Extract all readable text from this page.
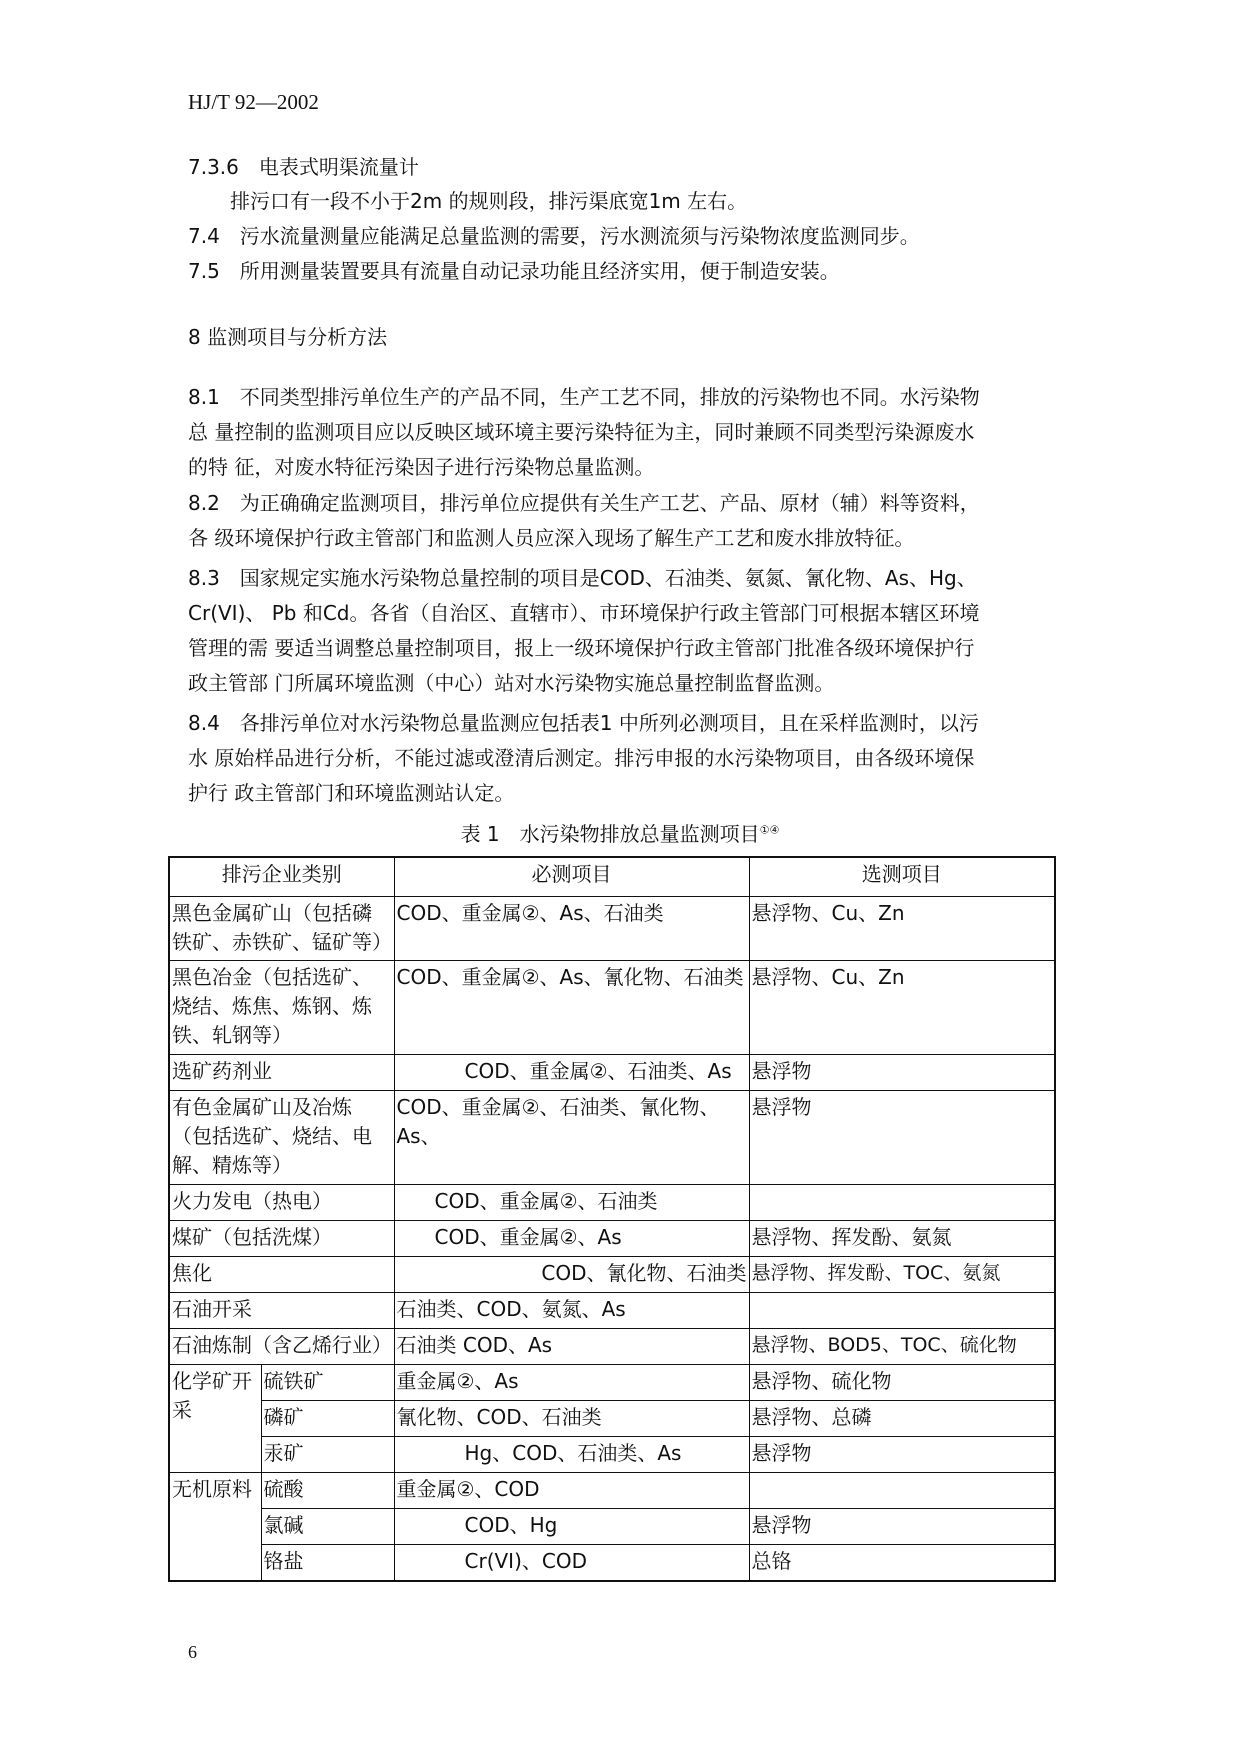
HJ/T 92—2002
7.3.6　电表式明渠流量计
排污口有一段不小于2m 的规则段，排污渠底宽1m 左右。
7.4　污水流量测量应能满足总量监测的需要，污水测流须与污染物浓度监测同步。
7.5　所用测量装置要具有流量自动记录功能且经济实用，便于制造安装。
8 监测项目与分析方法
8.1　不同类型排污单位生产的产品不同，生产工艺不同，排放的污染物也不同。水污染物
总 量控制的监测项目应以反映区域环境主要污染特征为主，同时兼顾不同类型污染源废水
的特 征，对废水特征污染因子进行污染物总量监测。
8.2　为正确确定监测项目，排污单位应提供有关生产工艺、产品、原材（辅）料等资料，
各 级环境保护行政主管部门和监测人员应深入现场了解生产工艺和废水排放特征。
8.3　国家规定实施水污染物总量控制的项目是COD、石油类、氨氮、氰化物、As、Hg、
Cr(VI)、 Pb 和Cd。各省（自治区、直辖市）、市环境保护行政主管部门可根据本辖区环境
管理的需 要适当调整总量控制项目，报上一级环境保护行政主管部门批准各级环境保护行
政主管部 门所属环境监测（中心）站对水污染物实施总量控制监督监测。
8.4　各排污单位对水污染物总量监测应包括表1 中所列必测项目，且在采样监测时，以污
水 原始样品进行分析，不能过滤或澄清后测定。排污申报的水污染物项目，由各级环境保
护行 政主管部门和环境监测站认定。
表 1　水污染物排放总量监测项目①④
排污企业类别		必测项目	选测项目
黑色金属矿山（包括磷铁矿、赤铁矿、锰矿等）		COD、重金属②、As、石油类	悬浮物、Cu、Zn
黑色冶金（包括选矿、烧结、炼焦、炼钢、炼铁、轧钢等）		COD、重金属②、As、氰化物、石油类	悬浮物、Cu、Zn
选矿药剂业		COD、重金属②、石油类、As	悬浮物
有色金属矿山及冶炼（包括选矿、烧结、电解、精炼等）		COD、重金属②、石油类、氰化物、As、	悬浮物
火力发电（热电）		COD、重金属②、石油类	
煤矿（包括洗煤）		COD、重金属②、As	悬浮物、挥发酚、氨氮
焦化		COD、氰化物、石油类	悬浮物、挥发酚、TOC、氨氮
石油开采		石油类、COD、氨氮、As	
石油炼制（含乙烯行业）		石油类 COD、As	悬浮物、BOD5、TOC、硫化物
化学矿开采	硫铁矿	重金属②、As	悬浮物、硫化物
	磷矿	氰化物、COD、石油类	悬浮物、总磷
	汞矿	Hg、COD、石油类、As	悬浮物
无机原料	硫酸	重金属②、COD	
	氯碱	COD、Hg	悬浮物
	铬盐	Cr(VI)、COD	总铬
6
